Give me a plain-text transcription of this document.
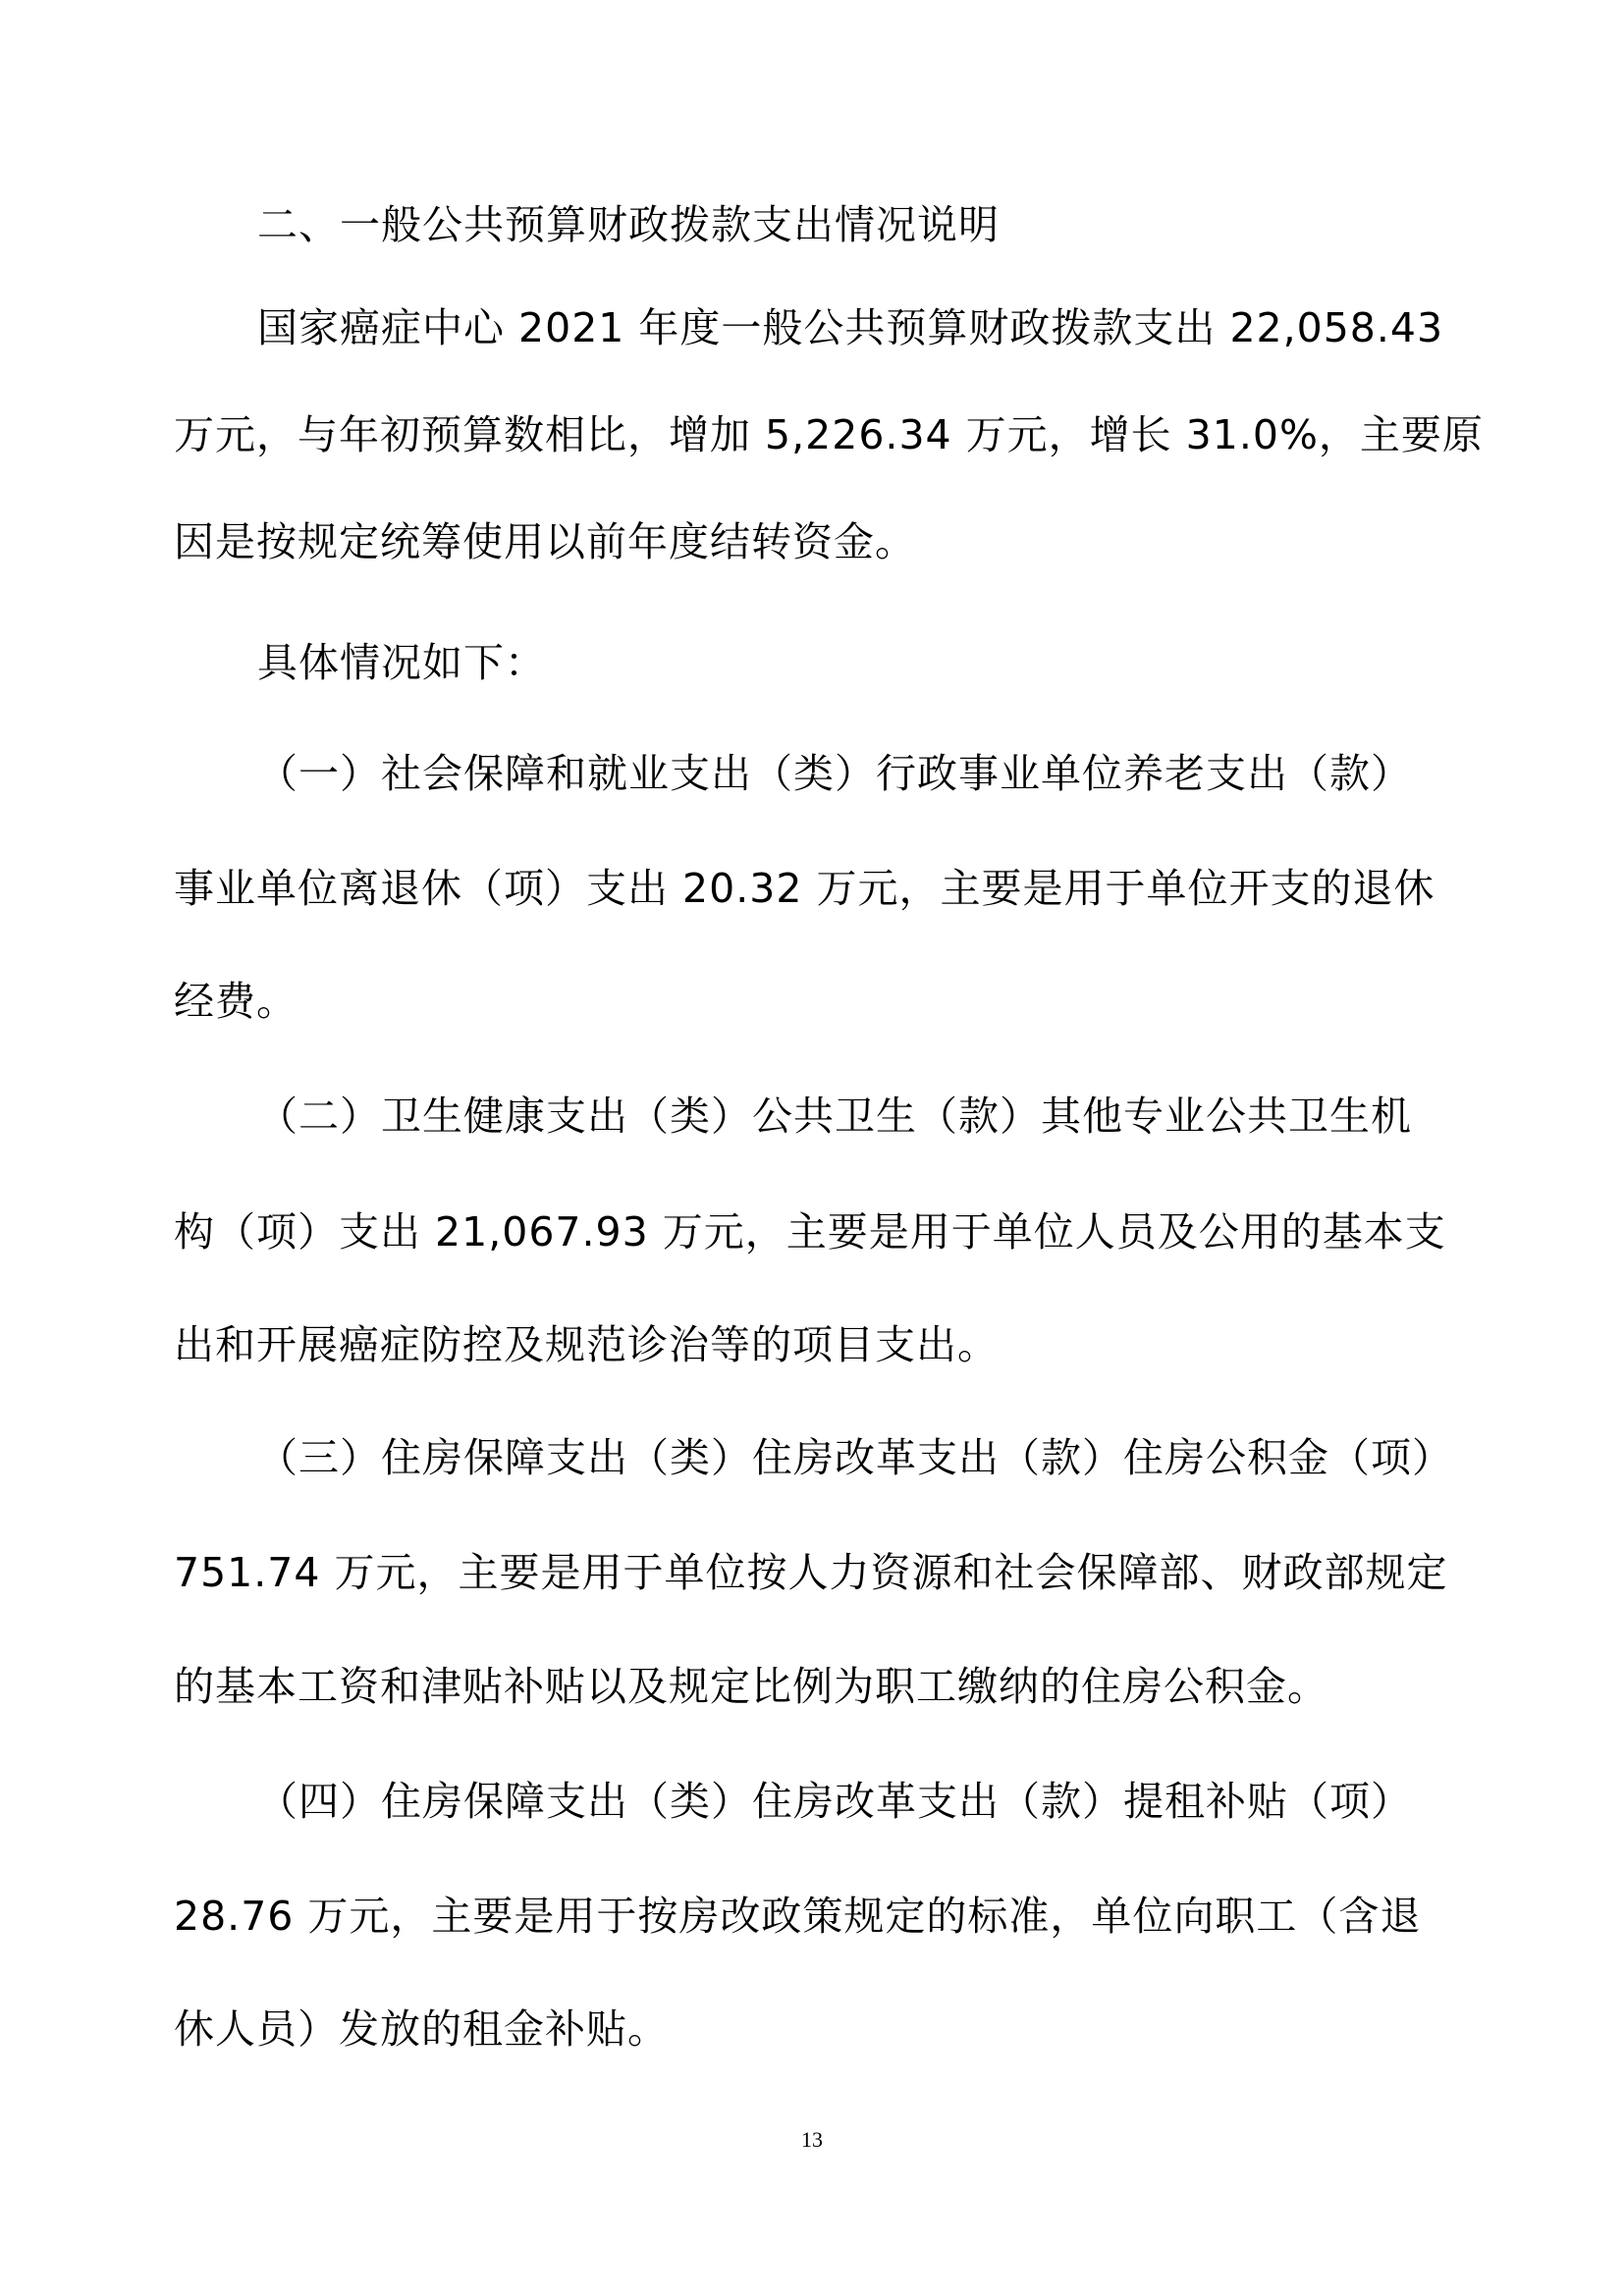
二、一般公共预算财政拨款支出情况说明
国家癌症中心 2021 年度一般公共预算财政拨款支出 22,058.43
万元，与年初预算数相比，增加 5,226.34 万元，增长 31.0%，主要原
因是按规定统筹使用以前年度结转资金。
具体情况如下：
（一）社会保障和就业支出（类）行政事业单位养老支出（款）
事业单位离退休（项）支出 20.32 万元，主要是用于单位开支的退休
经费。
（二）卫生健康支出（类）公共卫生（款）其他专业公共卫生机
构（项）支出 21,067.93 万元，主要是用于单位人员及公用的基本支
出和开展癌症防控及规范诊治等的项目支出。
（三）住房保障支出（类）住房改革支出（款）住房公积金（项）
751.74 万元，主要是用于单位按人力资源和社会保障部、财政部规定
的基本工资和津贴补贴以及规定比例为职工缴纳的住房公积金。
（四）住房保障支出（类）住房改革支出（款）提租补贴（项）
28.76 万元，主要是用于按房改政策规定的标准，单位向职工（含退
休人员）发放的租金补贴。
13
